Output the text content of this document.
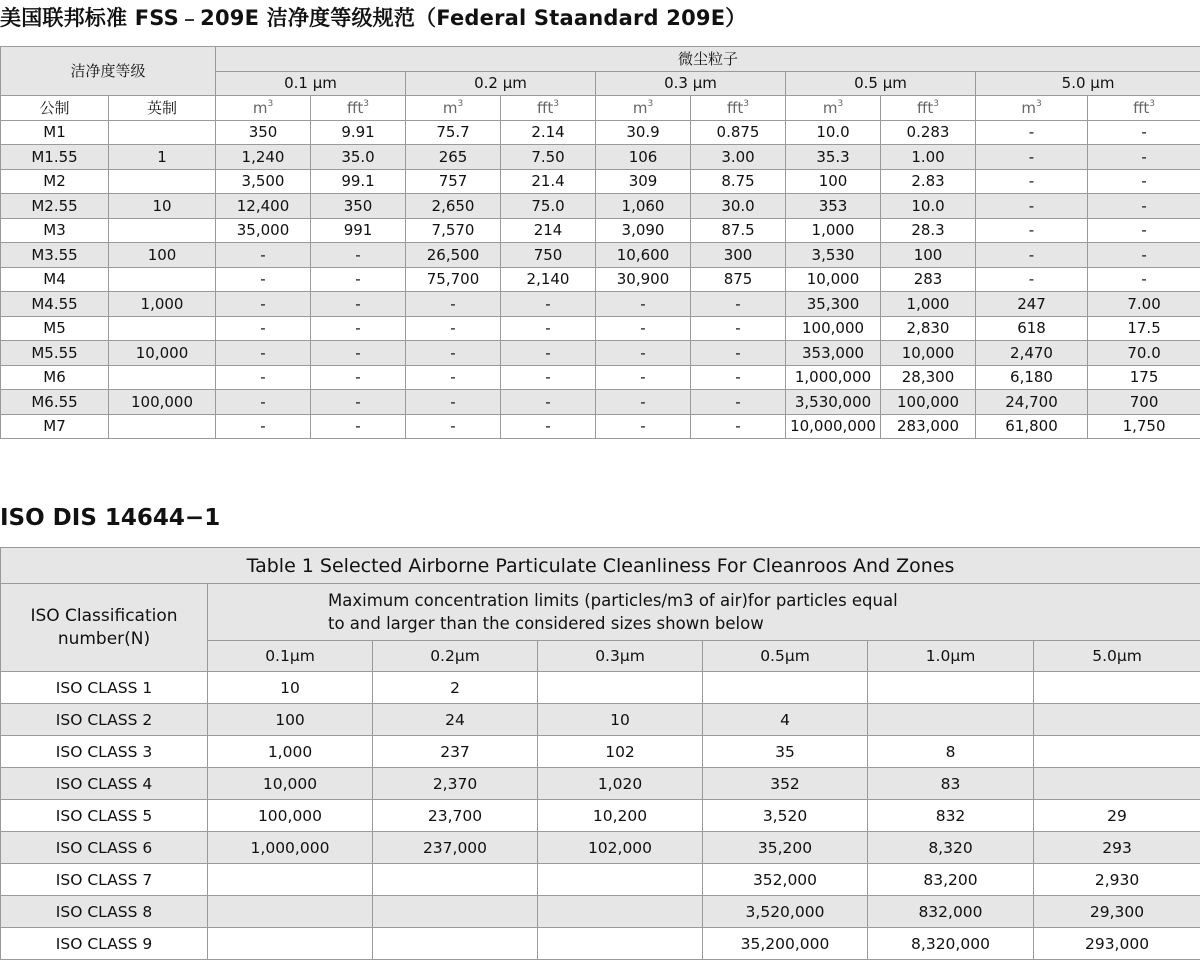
美国联邦标准 FSS﹣209E 洁净度等级规范（Federal Staandard 209E）
洁净度等级		微尘粒子									
		0.1 μm		0.2 μm		0.3 μm		0.5 μm		5.0 μm	
公制	英制	$m^3$	fft$^3$	$m^3$	fft$^3$	$m^3$	fft$^3$	$m^3$	fft$^3$	$m^3$	fft$^3$
M1		350	9.91	75.7	2.14	30.9	0.875	10.0	0.283	-	-
M1.55	1	1,240	35.0	265	7.50	106	3.00	35.3	1.00	-	-
M2		3,500	99.1	757	21.4	309	8.75	100	2.83	-	-
M2.55	10	12,400	350	2,650	75.0	1,060	30.0	353	10.0	-	-
M3		35,000	991	7,570	214	3,090	87.5	1,000	28.3	-	-
M3.55	100	-	-	26,500	750	10,600	300	3,530	100	-	-
M4		-	-	75,700	2,140	30,900	875	10,000	283	-	-
M4.55	1,000	-	-	-	-	-	-	35,300	1,000	247	7.00
M5		-	-	-	-	-	-	100,000	2,830	618	17.5
M5.55	10,000	-	-	-	-	-	-	353,000	10,000	2,470	70.0
M6		-	-	-	-	-	-	1,000,000	28,300	6,180	175
M6.55	100,000	-	-	-	-	-	-	3,530,000	100,000	24,700	700
M7		-	-	-	-	-	-	10,000,000	283,000	61,800	1,750
ISO DIS 14644−1
Table 1 Selected Airborne Particulate Cleanliness For Cleanroos And Zones						
ISO Classification number(N)	Maximum concentration limits (particles/m3 of air)for particles equal
to and larger than the considered sizes shown below					

	0.1μm	0.2μm	0.3μm	0.5μm	1.0μm	5.0μm
ISO CLASS 1	10	2				
ISO CLASS 2	100	24	10	4		
ISO CLASS 3	1,000	237	102	35	8	
ISO CLASS 4	10,000	2,370	1,020	352	83	
ISO CLASS 5	100,000	23,700	10,200	3,520	832	29
ISO CLASS 6	1,000,000	237,000	102,000	35,200	8,320	293
ISO CLASS 7				352,000	83,200	2,930
ISO CLASS 8				3,520,000	832,000	29,300
ISO CLASS 9				35,200,000	8,320,000	293,000
